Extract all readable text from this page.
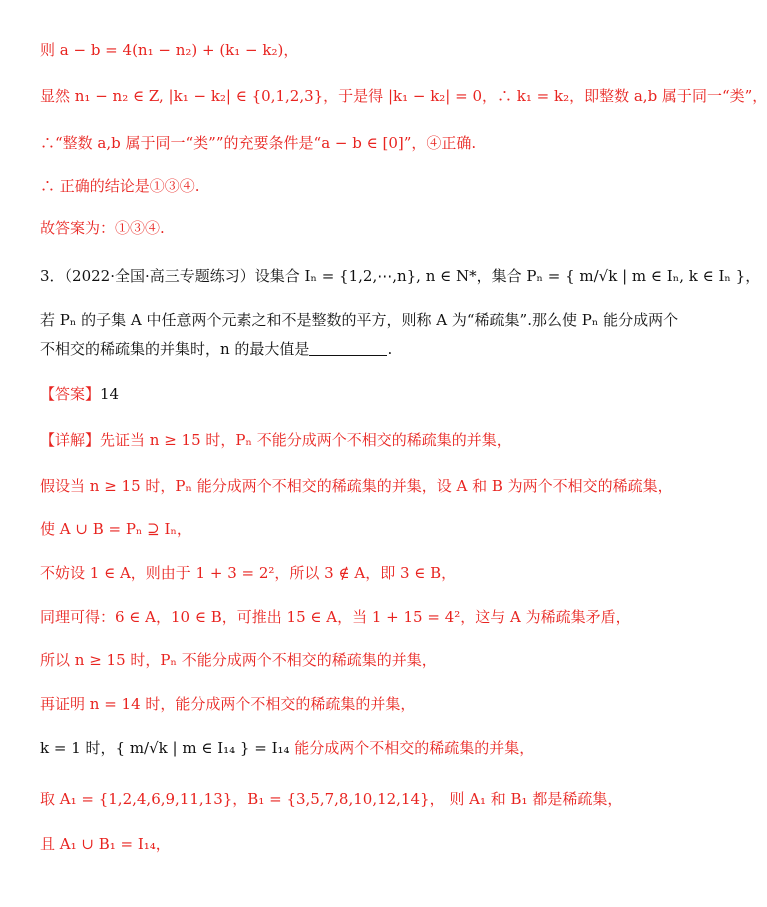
则 a − b = 4(n₁ − n₂) + (k₁ − k₂)，
显然 n₁ − n₂ ∈ Z, |k₁ − k₂| ∈ {0,1,2,3}，于是得 |k₁ − k₂| = 0，∴ k₁ = k₂，即整数 a,b 属于同一“类”，
∴“整数 a,b 属于同一“类””的充要条件是“a − b ∈ [0]”，④正确.
∴ 正确的结论是①③④.
故答案为：①③④.
3．（2022·全国·高三专题练习）设集合 Iₙ = {1,2,⋯,n}, n ∈ N*，集合 Pₙ = { m/√k | m ∈ Iₙ, k ∈ Iₙ }，
若 Pₙ 的子集 A 中任意两个元素之和不是整数的平方，则称 A 为“稀疏集”.那么使 Pₙ 能分成两个
不相交的稀疏集的并集时，n 的最大值是	.
【答案】14
【详解】先证当 n ≥ 15 时，Pₙ 不能分成两个不相交的稀疏集的并集，
假设当 n ≥ 15 时，Pₙ 能分成两个不相交的稀疏集的并集，设 A 和 B 为两个不相交的稀疏集，
使 A ∪ B = Pₙ ⊇ Iₙ，
不妨设 1 ∈ A，则由于 1 + 3 = 2²，所以 3 ∉ A，即 3 ∈ B，
同理可得：6 ∈ A，10 ∈ B，可推出 15 ∈ A，当 1 + 15 = 4²，这与 A 为稀疏集矛盾，
所以 n ≥ 15 时，Pₙ 不能分成两个不相交的稀疏集的并集，
再证明 n = 14 时，能分成两个不相交的稀疏集的并集，
k = 1 时，{ m/√k | m ∈ I₁₄ } = I₁₄ 能分成两个不相交的稀疏集的并集，
取 A₁ = {1,2,4,6,9,11,13}，B₁ = {3,5,7,8,10,12,14}， 则 A₁ 和 B₁ 都是稀疏集，
且 A₁ ∪ B₁ = I₁₄，
